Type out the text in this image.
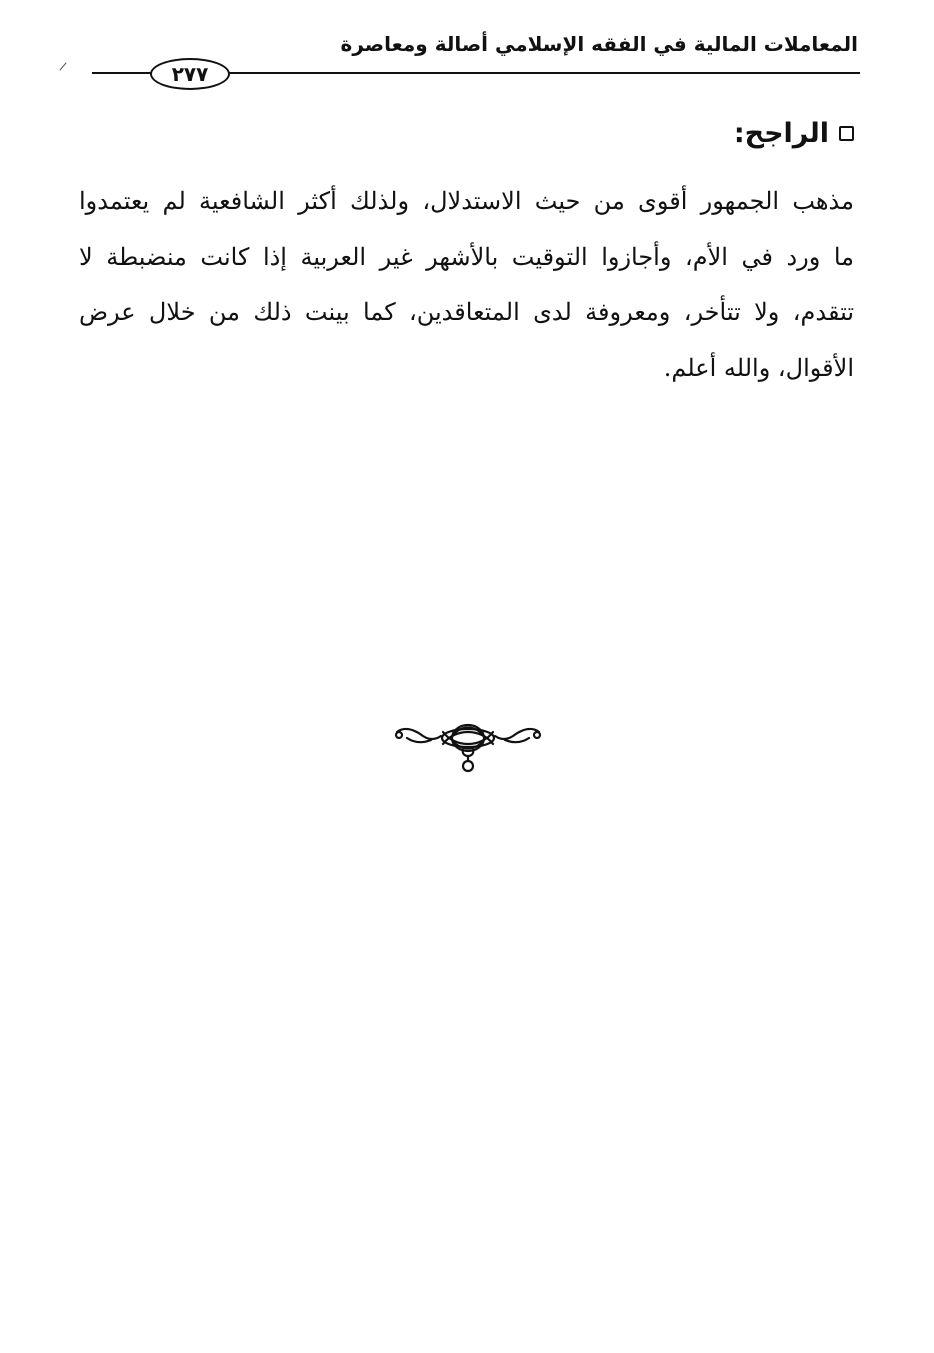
المعاملات المالية في الفقه الإسلامي أصالة ومعاصرة
٢٧٧
الراجح:
مذهب الجمهور أقوى من حيث الاستدلال، ولذلك أكثر الشافعية لم يعتمدوا
ما ورد في الأم، وأجازوا التوقيت بالأشهر غير العربية إذا كانت منضبطة لا
تتقدم، ولا تتأخر، ومعروفة لدى المتعاقدين، كما بينت ذلك من خلال عرض
الأقوال، والله أعلم.
